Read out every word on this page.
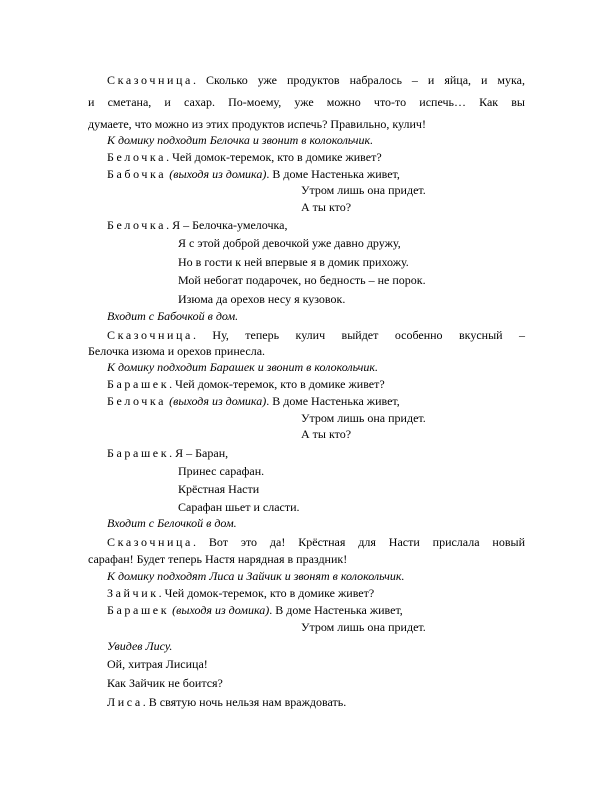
Сказочница. Сколько уже продуктов набралось – и яйца, и мука,

и сметана, и сахар. По-моему, уже можно что-то испечь… Как вы

думаете, что можно из этих продуктов испечь? Правильно, кулич!

К домику подходит Белочка и звонит в колокольчик.

Белочка. Чей домок-теремок, кто в домике живет?

Бабочка (выходя из домика). В доме Настенька живет,

Утром лишь она придет.

А ты кто?

Белочка. Я – Белочка-умелочка,

Я с этой доброй девочкой уже давно дружу,

Но в гости к ней впервые я в домик прихожу.

Мой небогат подарочек, но бедность – не порок.

Изюма да орехов несу я кузовок.

Входит с Бабочкой в дом.

Сказочница. Ну, теперь кулич выйдет особенно вкусный –

Белочка изюма и орехов принесла.

К домику подходит Барашек и звонит в колокольчик.

Барашек. Чей домок-теремок, кто в домике живет?

Белочка (выходя из домика). В доме Настенька живет,

Утром лишь она придет.

А ты кто?

Барашек. Я – Баран,

Принес сарафан.

Крёстная Насти

Сарафан шьет и сласти.

Входит с Белочкой в дом.

Сказочница. Вот это да! Крёстная для Насти прислала новый

сарафан! Будет теперь Настя нарядная в праздник!

К домику подходят Лиса и Зайчик и звонят в колокольчик.

Зайчик. Чей домок-теремок, кто в домике живет?

Барашек (выходя из домика). В доме Настенька живет,

Утром лишь она придет.

Увидев Лису.

Ой, хитрая Лисица!

Как Зайчик не боится?

Лиса. В святую ночь нельзя нам враждовать.
